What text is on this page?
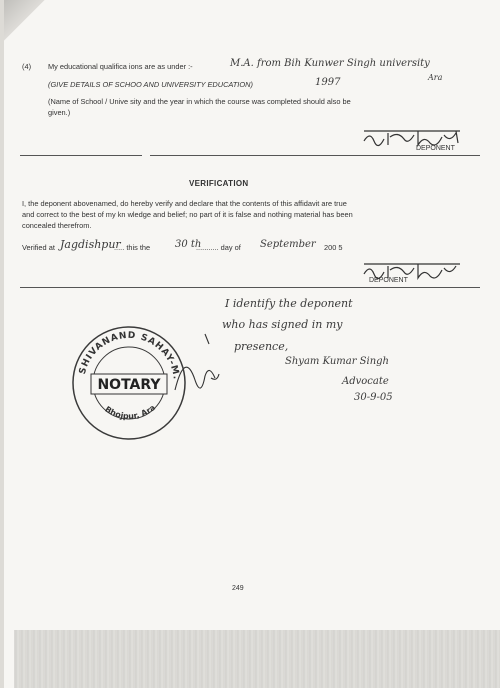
(4) My educational qualifica ions are as under :-	M.A. from Bih Kunwer Singh university
Ara
(GIVE DETAILS OF SCHOO AND UNIVERSITY EDUCATION)	1997
(Name of School / Unive sity and the year in which the course was completed should also be
given.)
DEPONENT
VERIFICATION
I, the deponent abovenamed, do hereby verify and declare that the contents of this affidavit are true
and correct to the best of my kn wledge and belief; no part of it is false and nothing material has been
concealed therefrom.
Verified at Jagdishpur
..... this the 30 th
........... day of September 200 5
DEPONENT
I identify the deponent
who has signed in my
presence,
Shyam Kumar Singh
Advocate
30-9-05
SHIVANAND SAHAY-M.
Bhojpur, Ara
NOTARY
249
